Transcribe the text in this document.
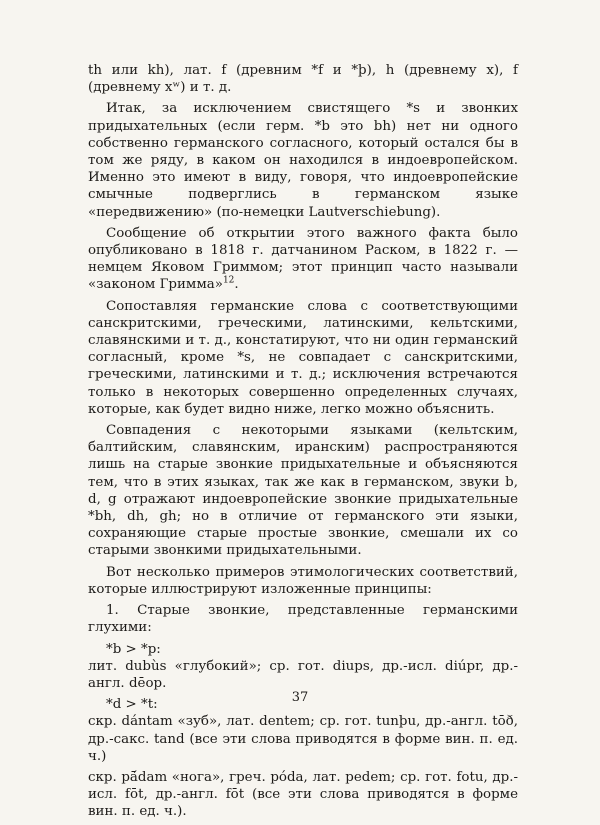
th или kh), лат. f (древним *f и *þ), h (древнему х), f (древнему xʷ) и т. д.

Итак, за исключением свистящего *s и звонких придыхательных (если герм. *b это bh) нет ни одного собственно германского согласного, который остался бы в том же ряду, в каком он находился в индоевропейском. Именно это имеют в виду, говоря, что индоевропейские смычные подверглись в германском языке «передвижению» (по-немецки Lautverschiebung).

Сообщение об открытии этого важного факта было опубликовано в 1818 г. датчанином Раском, в 1822 г. — немцем Яковом Гриммом; этот принцип часто называли «законом Гримма»$^{12}$.

Сопоставляя германские слова с соответствующими санскритскими, греческими, латинскими, кельтскими, славянскими и т. д., констатируют, что ни один германский согласный, кроме *s, не совпадает с санскритскими, греческими, латинскими и т. д.; исключения встречаются только в некоторых совершенно определенных случаях, которые, как будет видно ниже, легко можно объяснить.

Совпадения с некоторыми языками (кельтским, балтийским, славянским, иранским) распространяются лишь на старые звонкие придыхательные и объясняются тем, что в этих языках, так же как в германском, звуки b, d, g отражают индоевропейские звонкие придыхательные *bh, dh, gh; но в отличие от германского эти языки, сохраняющие старые простые звонкие, смешали их со старыми звонкими придыхательными.

Вот несколько примеров этимологических соответствий, которые иллюстрируют изложенные принципы:

1. Старые звонкие, представленные германскими глухими:

*b > *p:

лит. dubùs «глубокий»; ср. гот. diups, др.-исл. diúpr, др.-англ. dēop.

*d > *t:

скр. dántam «зуб», лат. dentem; ср. гот. tunþu, др.-англ. tōð, др.-сакс. tand (все эти слова приводятся в форме вин. п. ед. ч.)

скр. pā́dam «нога», греч. póda, лат. pedem; ср. гот. fotu, др.-исл. fōt, др.-англ. fōt (все эти слова приводятся в форме вин. п. ед. ч.).

37
